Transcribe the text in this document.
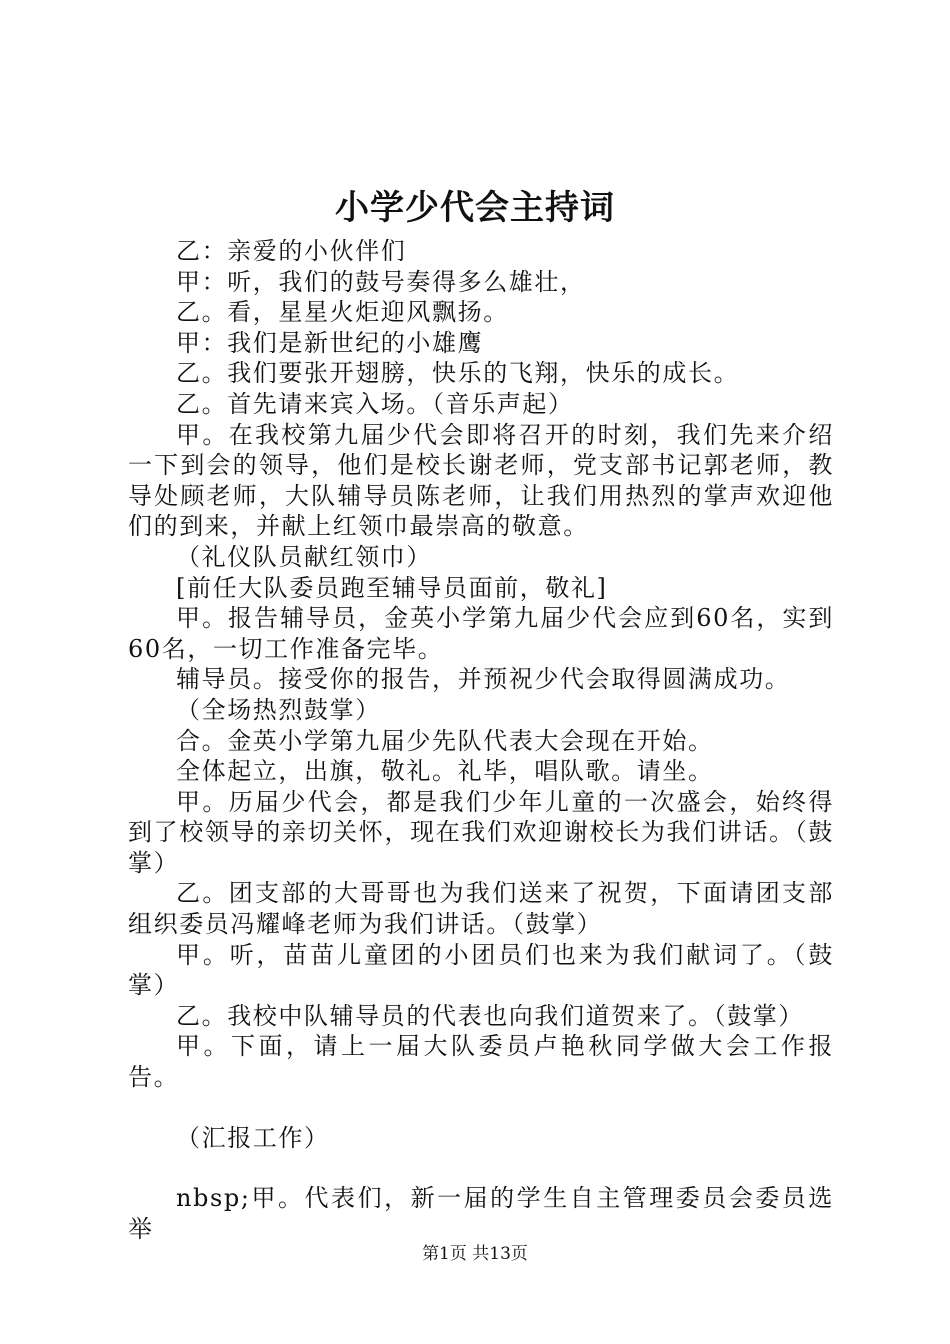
小学少代会主持词

乙：亲爱的小伙伴们

甲：听，我们的鼓号奏得多么雄壮，

乙。看，星星火炬迎风飘扬。

甲：我们是新世纪的小雄鹰

乙。我们要张开翅膀，快乐的飞翔，快乐的成长。

乙。首先请来宾入场。（音乐声起）

甲。在我校第九届少代会即将召开的时刻，我们先来介绍一下到会的领导，他们是校长谢老师，党支部书记郭老师，教导处顾老师，大队辅导员陈老师，让我们用热烈的掌声欢迎他们的到来，并献上红领巾最崇高的敬意。

（礼仪队员献红领巾）

[前任大队委员跑至辅导员面前，敬礼]

甲。报告辅导员，金英小学第九届少代会应到60名，实到60名，一切工作准备完毕。

辅导员。接受你的报告，并预祝少代会取得圆满成功。

（全场热烈鼓掌）

合。金英小学第九届少先队代表大会现在开始。

全体起立，出旗，敬礼。礼毕，唱队歌。请坐。

甲。历届少代会，都是我们少年儿童的一次盛会，始终得到了校领导的亲切关怀，现在我们欢迎谢校长为我们讲话。（鼓掌）

乙。团支部的大哥哥也为我们送来了祝贺，下面请团支部组织委员冯耀峰老师为我们讲话。（鼓掌）

甲。听，苗苗儿童团的小团员们也来为我们献词了。（鼓掌）

乙。我校中队辅导员的代表也向我们道贺来了。（鼓掌）

甲。下面，请上一届大队委员卢艳秋同学做大会工作报告。

（汇报工作）

nbsp;甲。代表们，新一届的学生自主管理委员会委员选举

第1页 共13页
